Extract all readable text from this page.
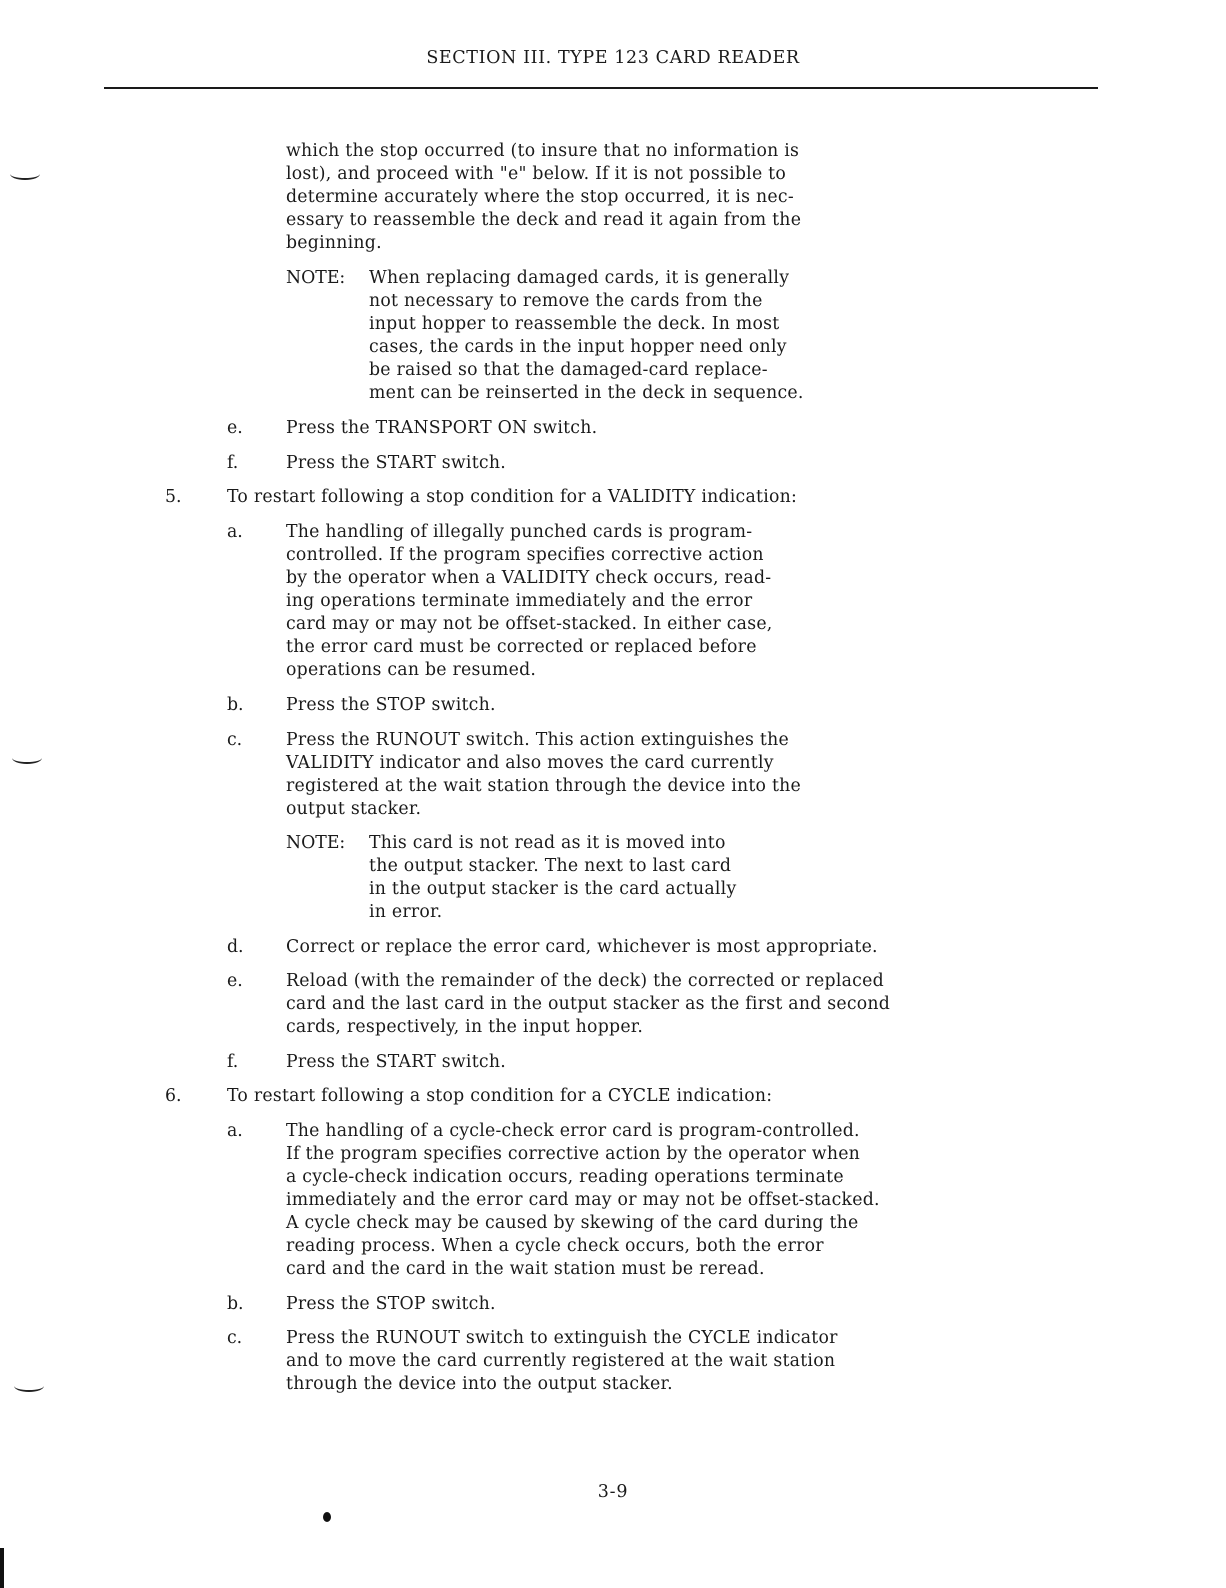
SECTION III. TYPE 123 CARD READER
which the stop occurred (to insure that no information is
lost), and proceed with "e" below. If it is not possible to
determine accurately where the stop occurred, it is nec-
essary to reassemble the deck and read it again from the
beginning.
NOTE: When replacing damaged cards, it is generally
not necessary to remove the cards from the
input hopper to reassemble the deck. In most
cases, the cards in the input hopper need only
be raised so that the damaged-card replace-
ment can be reinserted in the deck in sequence.
e.	Press the TRANSPORT ON switch.
f.	Press the START switch.
5.	To restart following a stop condition for a VALIDITY indication:
a. The handling of illegally punched cards is program-
controlled. If the program specifies corrective action
by the operator when a VALIDITY check occurs, read-
ing operations terminate immediately and the error
card may or may not be offset-stacked. In either case,
the error card must be corrected or replaced before
operations can be resumed.
b. Press the STOP switch.
c.	Press the RUNOUT switch. This action extinguishes the
VALIDITY indicator and also moves the card currently
registered at the wait station through the device into the
output stacker.
NOTE: This card is not read as it is moved into
the output stacker. The next to last card
in the output stacker is the card actually
in error.
d. Correct or replace the error card, whichever is most appropriate.
e.	Reload (with the remainder of the deck) the corrected or replaced
card and the last card in the output stacker as the first and second
cards, respectively, in the input hopper.
f.	Press the START switch.
6.	To restart following a stop condition for a CYCLE indication:
a. The handling of a cycle-check error card is program-controlled.
If the program specifies corrective action by the operator when
a cycle-check indication occurs, reading operations terminate
immediately and the error card may or may not be offset-stacked.
A cycle check may be caused by skewing of the card during the
reading process. When a cycle check occurs, both the error
card and the card in the wait station must be reread.
b. Press the STOP switch.
c.	Press the RUNOUT switch to extinguish the CYCLE indicator
and to move the card currently registered at the wait station
through the device into the output stacker.
3-9
